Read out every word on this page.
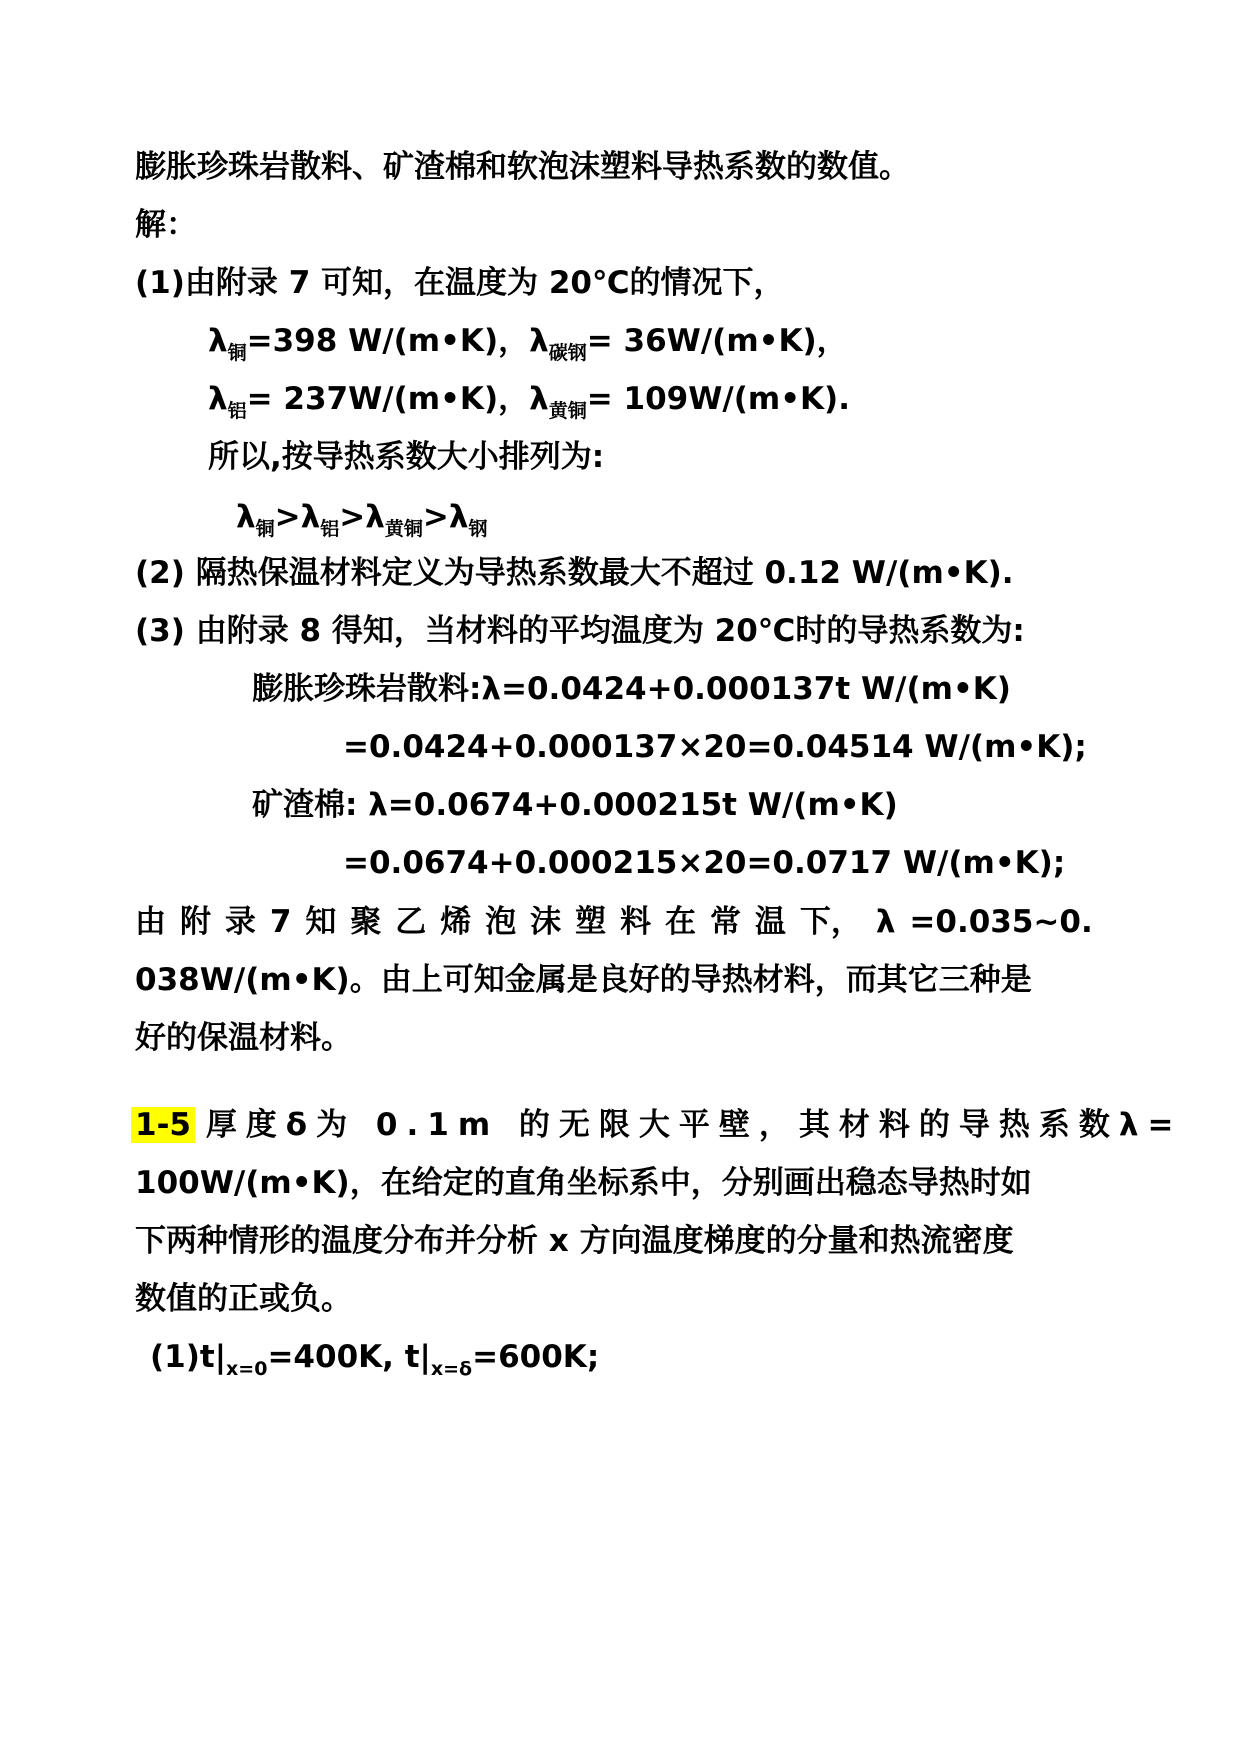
膨胀珍珠岩散料、矿渣棉和软泡沫塑料导热系数的数值。
解：
(1)由附录 7 可知，在温度为 20℃的情况下，
$\lambda_铜=398$ W/(m•K)，$\lambda_{碳钢}=$ 36W/(m•K)，
$\lambda_铝=$ 237W/(m•K)，$\lambda_{黄铜}=$ 109W/(m•K).
所以,按导热系数大小排列为:
$\lambda_铜>\lambda_铝>\lambda_{黄铜}>\lambda_钢$
(2) 隔热保温材料定义为导热系数最大不超过 0.12 W/(m•K).
(3) 由附录 8 得知，当材料的平均温度为 20℃时的导热系数为:
膨胀珍珠岩散料:λ=0.0424+0.000137t W/(m•K)
=0.0424+0.000137×20=0.04514 W/(m•K);
矿渣棉: λ=0.0674+0.000215t W/(m•K)
=0.0674+0.000215×20=0.0717 W/(m•K);
由 附 录 7 知 聚 乙 烯 泡 沫 塑 料 在 常 温 下， λ =0.035~0.
038W/(m•K)。由上可知金属是良好的导热材料，而其它三种是
好的保温材料。
1-5 厚度δ为 0.1m 的无限大平壁，其材料的导热系数λ=
100W/(m•K)，在给定的直角坐标系中，分别画出稳态导热时如
下两种情形的温度分布并分析 x 方向温度梯度的分量和热流密度
数值的正或负。
$(1)t|_{x=0}=400K$, $t|_{x=\delta}=600K$;
